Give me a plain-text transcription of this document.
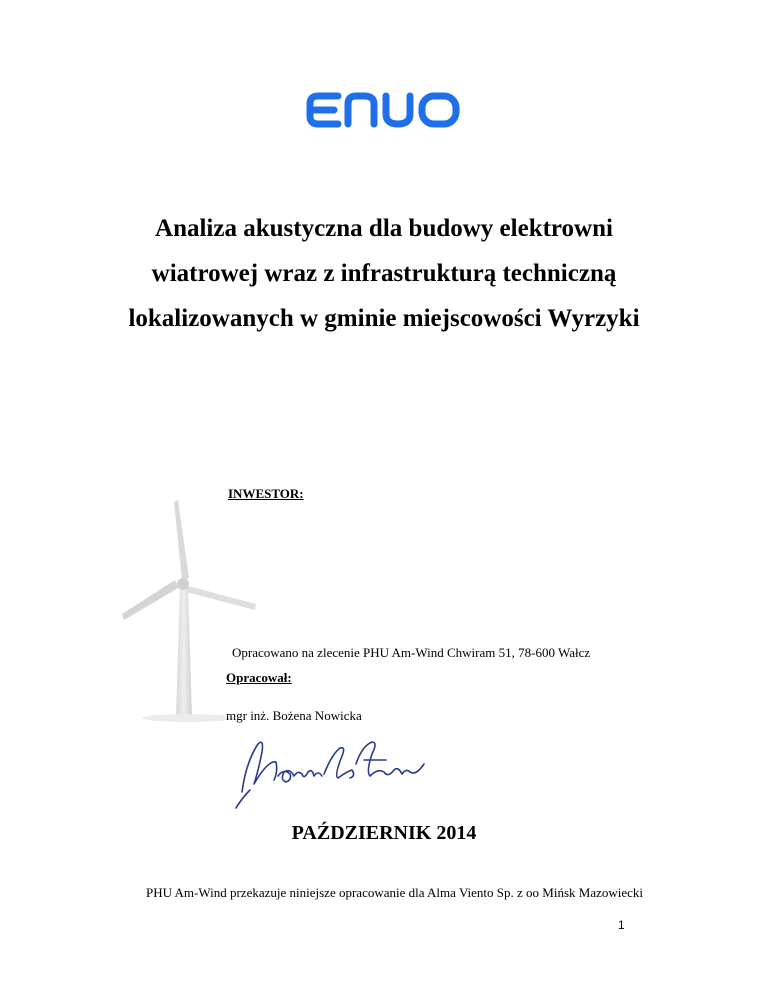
Analiza akustyczna dla budowy elektrowni
wiatrowej wraz z infrastrukturą techniczną
lokalizowanych w gminie miejscowości Wyrzyki
INWESTOR:
Opracowano na zlecenie PHU Am-Wind Chwiram 51, 78-600 Wałcz
Opracował:
mgr inż. Bożena Nowicka
PAŹDZIERNIK 2014
PHU Am-Wind przekazuje niniejsze opracowanie dla Alma Viento Sp. z oo Mińsk Mazowiecki
1
